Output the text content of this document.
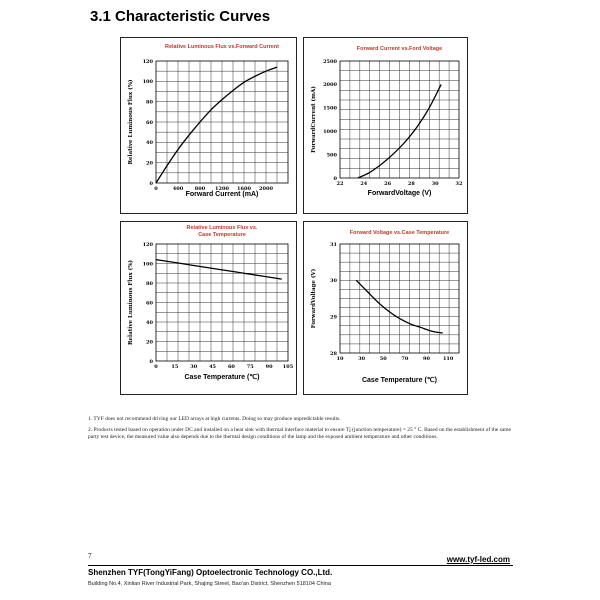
3.1 Characteristic Curves
Relative Luminous Flux vs.Forward Current
0	400 800 1200 1600 2000
0
20
40
60
80
100
120
Forward Current (mA)
Relative Luminous Flux (%)
Forward Current vs.Ford Voltage
22	24	26	28	30	32
0
500
1000
1500
2000
2500
ForwardVoltage (V)
ForwardCurrent (mA)
Relative Luminous Flux vs.
Case Temperature
0	15 30 45 60 75 90 105
0
20
40
60
80
100
120
Case Temperature (℃)
Relative Luminous Flux (%)
Forward Voltage vs.Case Temperature
10	30	50	70	90	110
28
29
30
31
Case Temperature (℃)
ForwardVoltage (V)

1. TYF does not recommend driving our LED arrays at high currents. Doing so may produce unpredictable results.

2. Products tested based on operation under DC and installed on a heat sink with thermal interface material to ensure Tj (junction temperature) = 25 ° C. Based on the establishment of the same party test device, the measured value also depends due to the thermal design conditions of the lamp and the exposed ambient temperature and other conditions.

7	www.tyf-led.com
Shenzhen TYF(TongYiFang) Optoelectronic Technology CO.,Ltd.
Building No.4, Xinlian River Industrial Park, Shajing Street, Bao'an District, Shenzhen 518104 China
